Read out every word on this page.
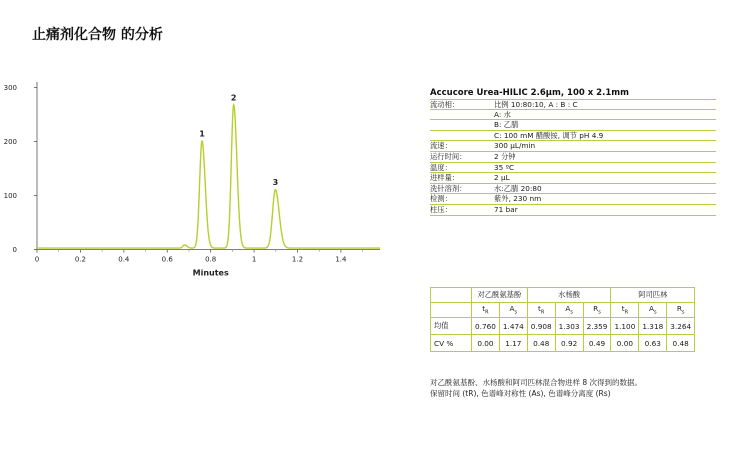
止痛剂化合物 的分析
0	0.2	0.4	0.6	0.8	1	1.2	1.4
300
200
100
0
Minutes
1
2
3
Accucore Urea-HILIC 2.6μm, 100 x 2.1mm
流动相：	比例 10:80:10, A : B : C
A: 水
B: 乙腈
C: 100 mM 醋酸铵, 调节 pH 4.9
流速：	300 μL/min
运行时间：	2 分钟
温度：	35 ºC
进样量：	2 μL
洗针溶剂：	水:乙腈 20:80
检测：	紫外, 230 nm
柱压：	71 bar
	对乙酰氨基酚		水杨酸			阿司匹林		
	$t_R$	$A_s$	$t_R$	$A_s$	$R_s$	$t_R$	$A_s$	$R_s$
均值	0.760	1.474	0.908	1.303	2.359	1.100	1.318	3.264
CV %	0.00	1.17	0.48	0.92	0.49	0.00	0.63	0.48
对乙酰氨基酚、水杨酸和阿司匹林混合物进样 8 次得到的数据。
保留时间 (tR), 色谱峰对称性 (As), 色谱峰分离度 (Rs)
